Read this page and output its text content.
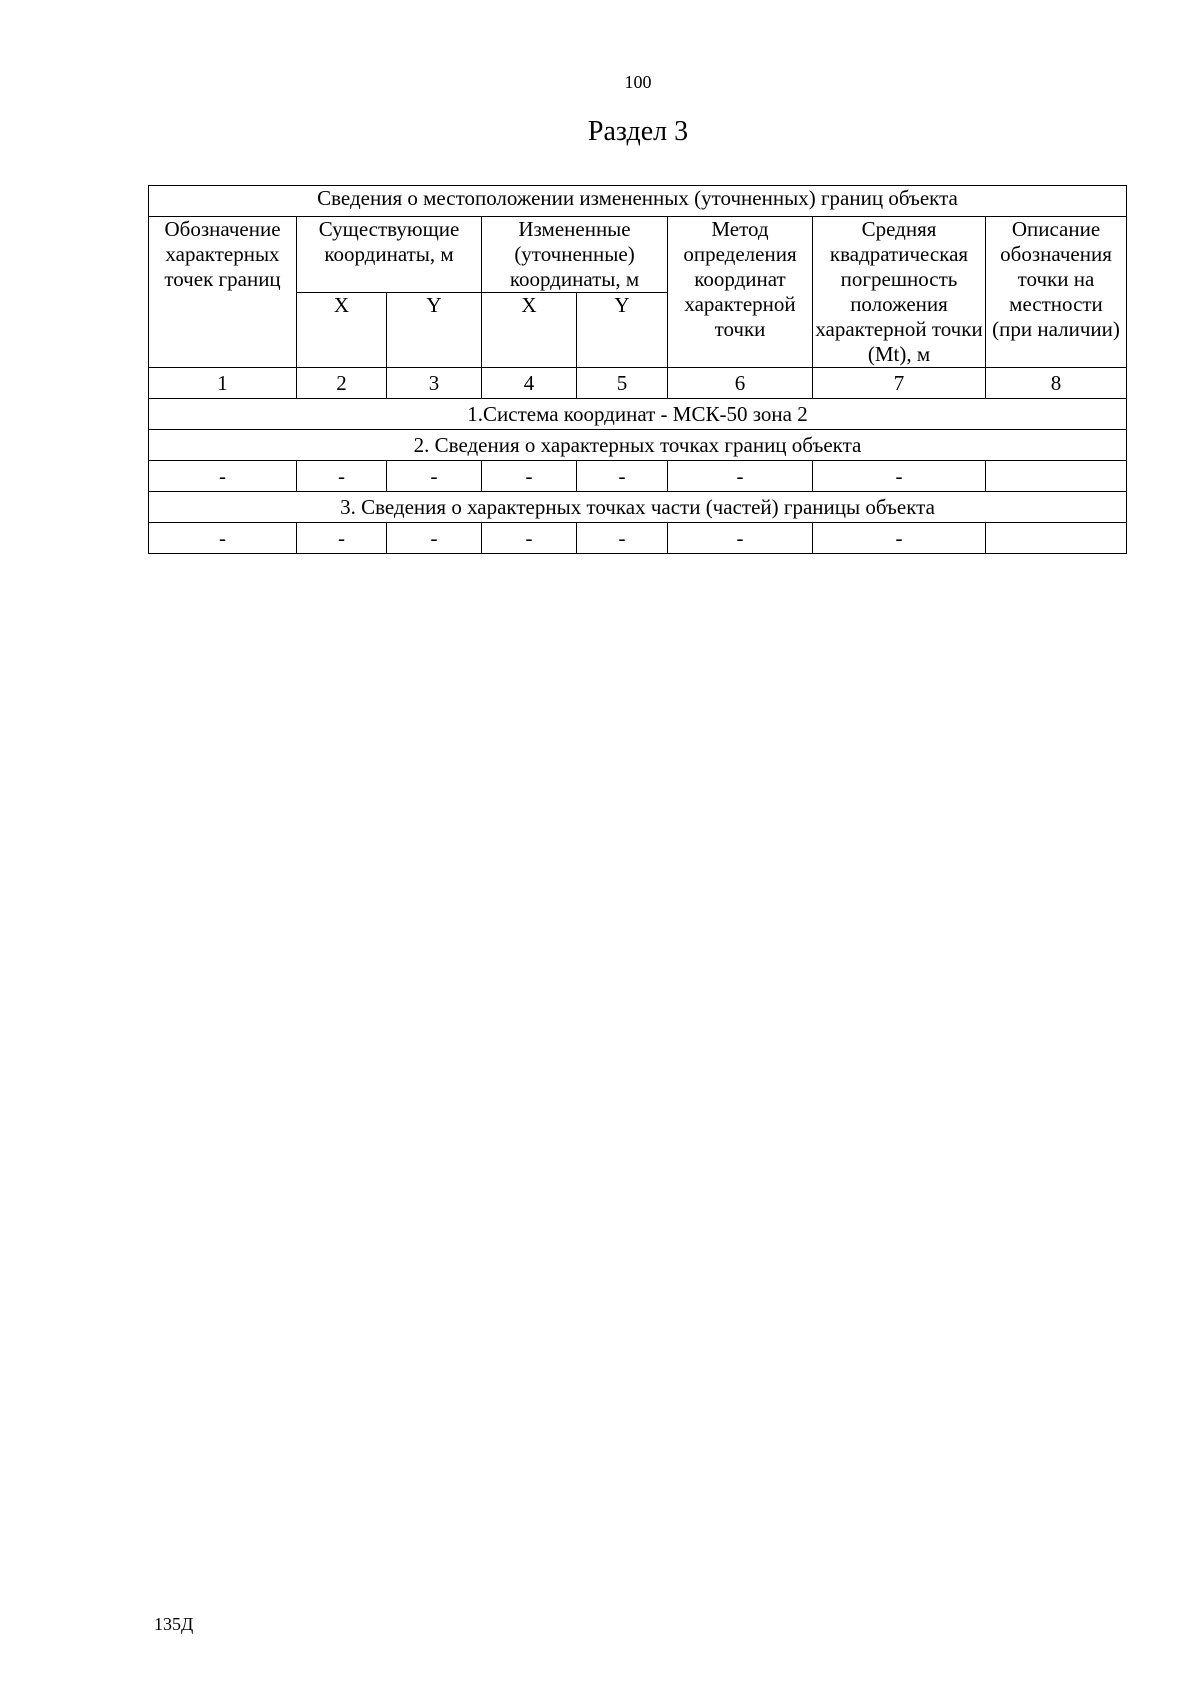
100
Раздел 3
Сведения о местоположении измененных (уточненных) границ объекта							
Обозначение характерных точек границ	Существующие координаты, м		Измененные (уточненные) координаты, м		Метод определения координат характерной точки	Средняя квадратическая погрешность положения характерной точки (Mt), м	Описание обозначения точки на местности (при наличии)
	X	Y	X	Y			
1	2	3	4	5	6	7	8
1.Система координат - МСК-50 зона 2							
2. Сведения о характерных точках границ объекта							
-	-	-	-	-	-	-	
3. Сведения о характерных точках части (частей) границы объекта							
-	-	-	-	-	-	-	
135Д
